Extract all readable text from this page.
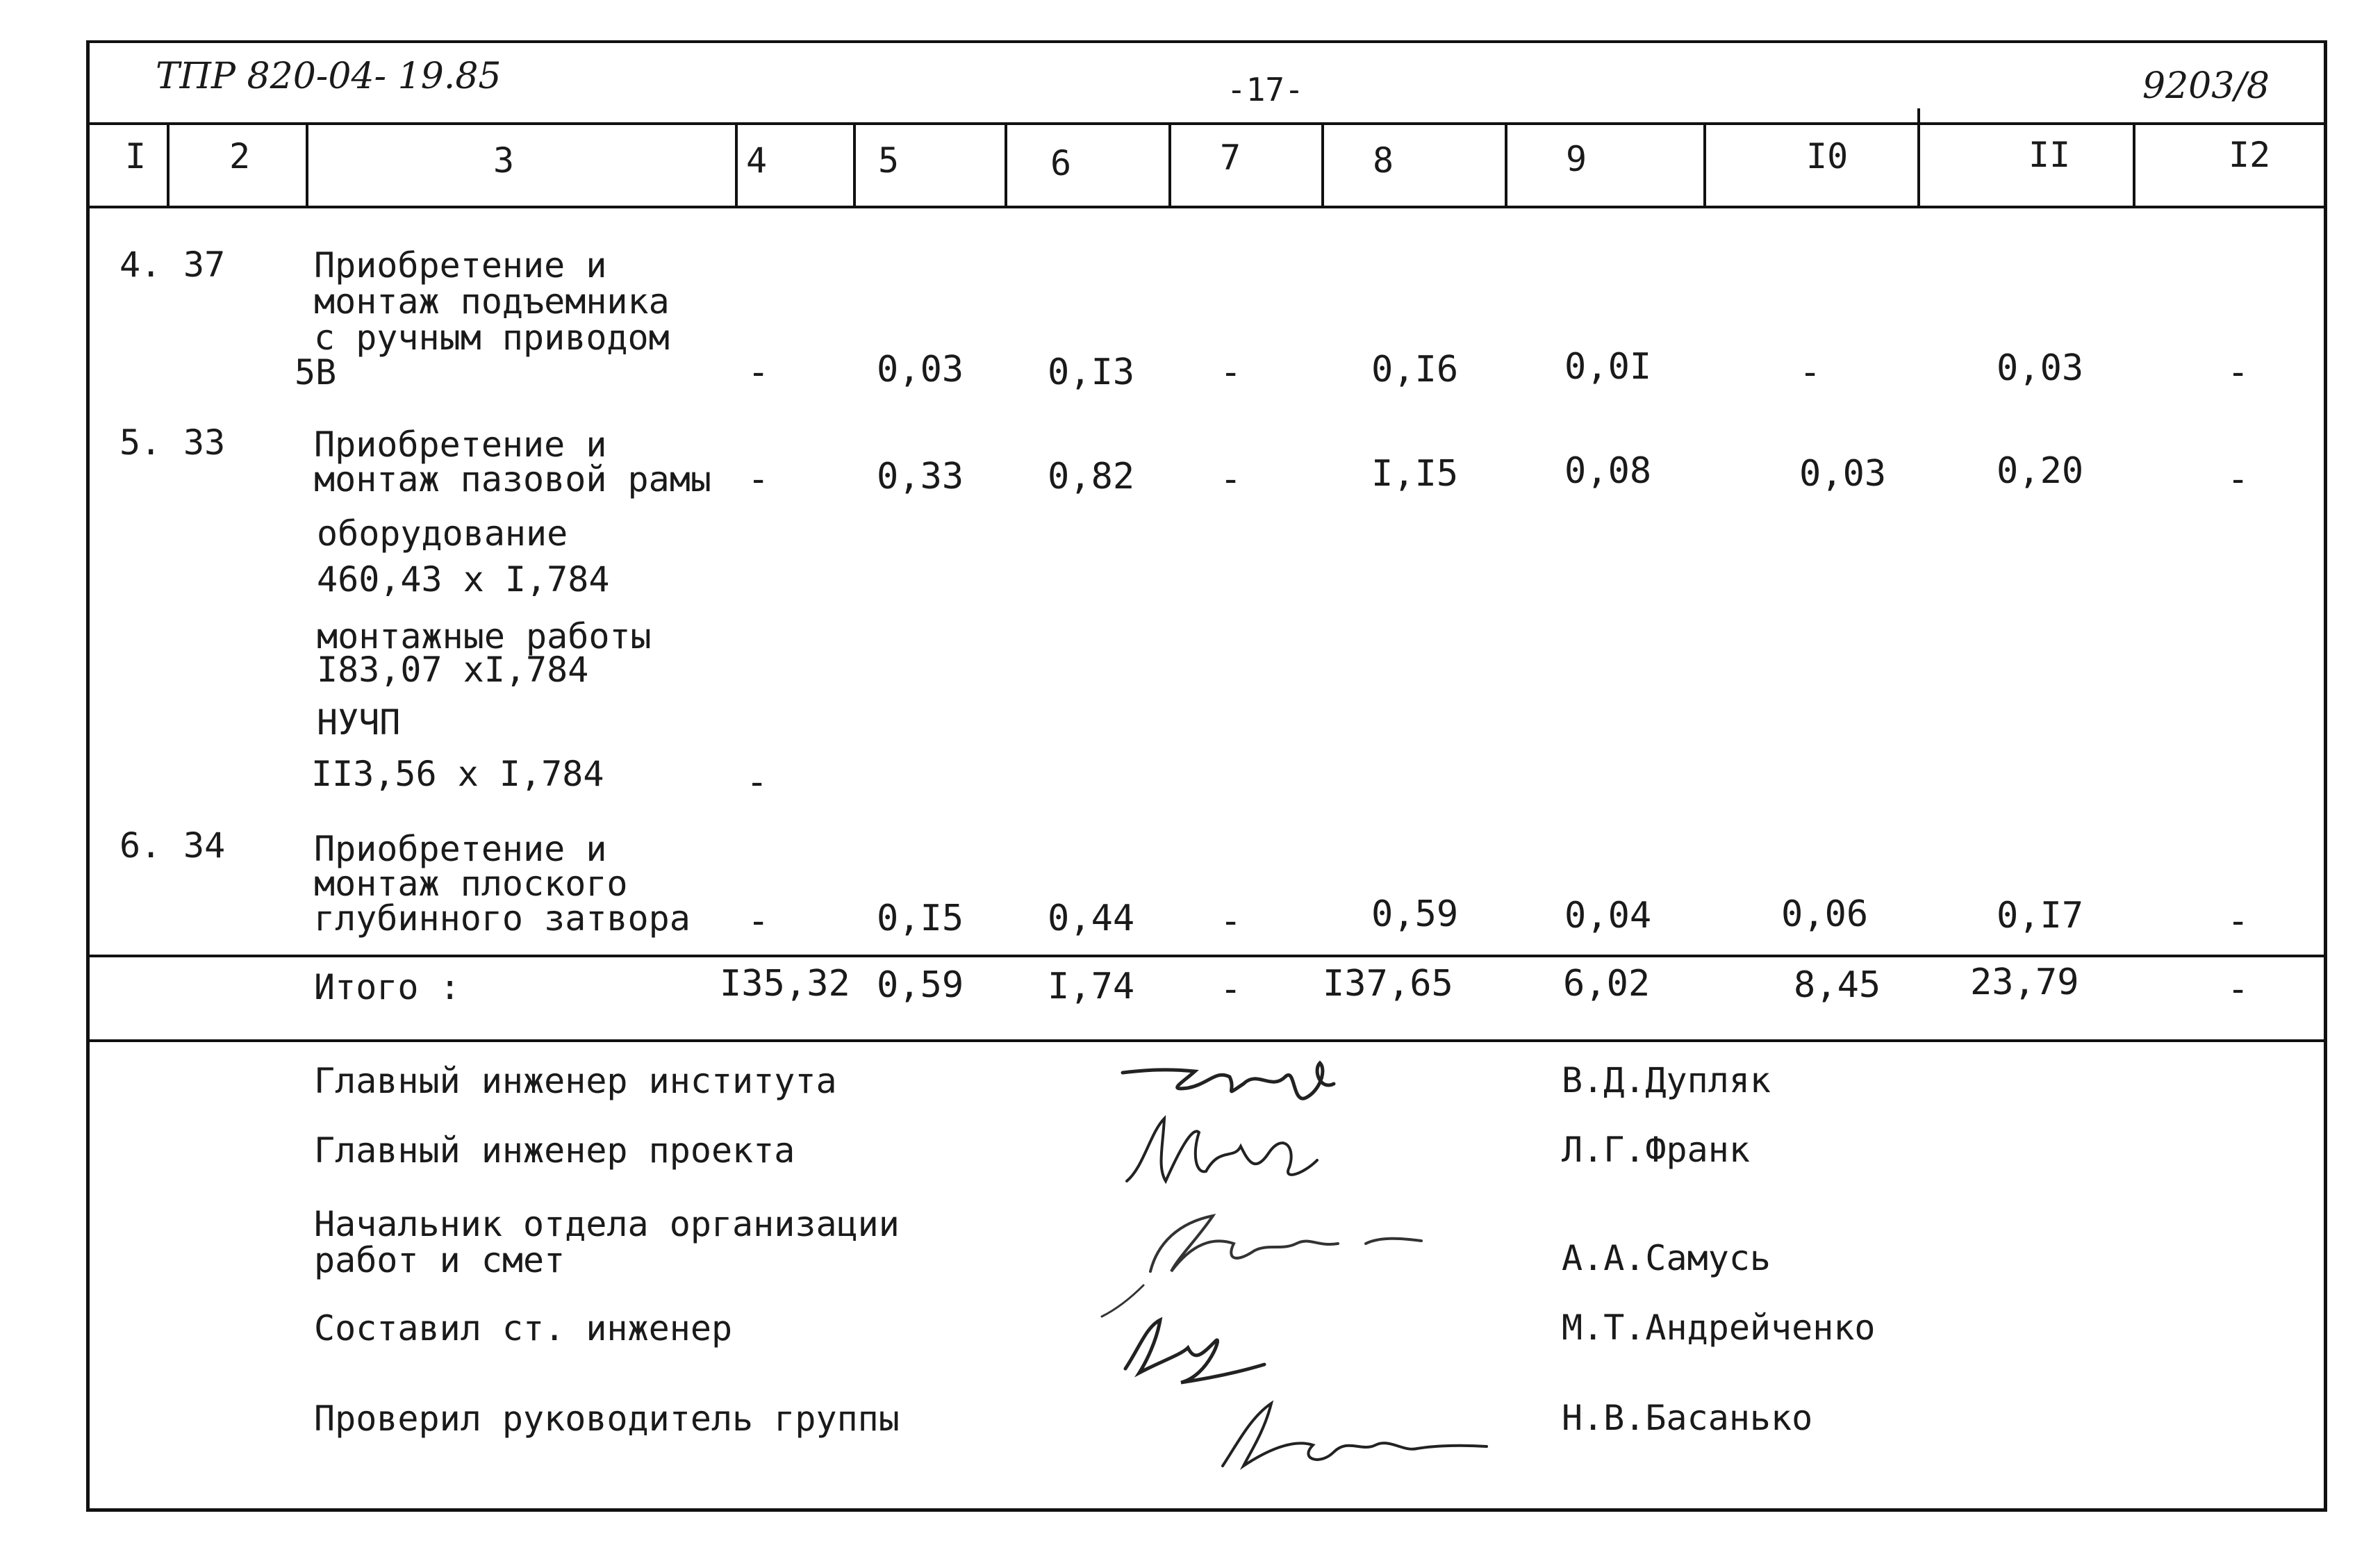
ТПР 820-04- 19.85	-17-	9203/8
I 2	3	4	5	6	7	8	9	I0	II	I2
4. 37	Приобретение и
монтаж подъемника
с ручным приводом
5В	-	0,03 0,I3 -	0,I6	0,0I	-	0,03	-
5. 33	Приобретение и
монтаж пазовой рамы -	0,33 0,82 -	I,I5	0,08	0,03	0,20	-
оборудование
460,43 x I,784
монтажные работы
I83,07 xI,784
НУЧП
II3,56 x I,784	-
6. 34	Приобретение и
монтаж плоского
глубинного затвора -	0,I5 0,44 -	0,59	0,04	0,06	0,I7	-
Итого :	I35,32 0,59 I,74 - I37,65	6,02	8,45 23,79	-
Главный инженер института	В.Д.Дупляк
Главный инженер проекта	Л.Г.Франк
Начальник отдела организации
работ и смет	А.А.Самусь
Составил ст. инженер	М.Т.Андрейченко
Проверил руководитель группы	Н.В.Басанько
